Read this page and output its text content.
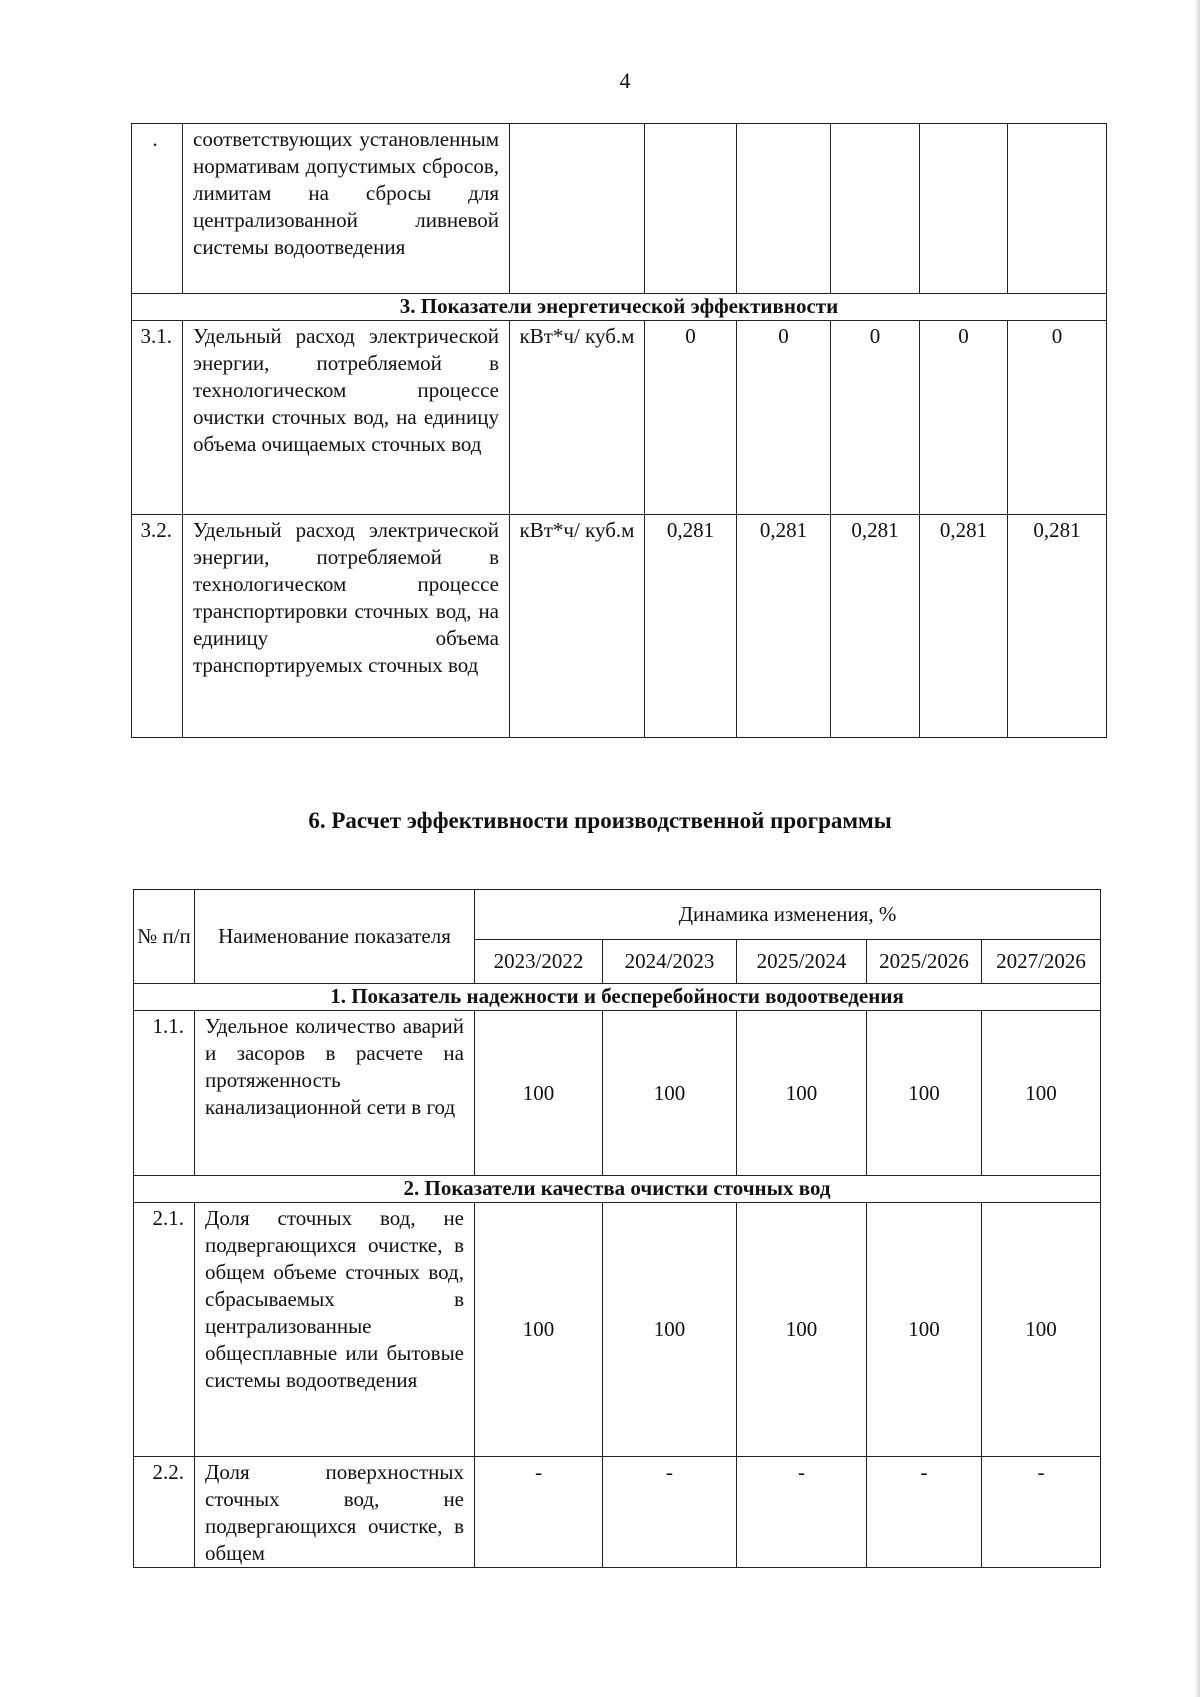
4
.	соответствующих установленным нормативам допустимых сбросов, лимитам на сбросы для централизованной ливневой системы водоотведения						
3. Показатели энергетической эффективности							
3.1.	Удельный расход электрической энергии, потребляемой в технологическом процессе очистки сточных вод, на единицу объема очищаемых сточных вод	кВт*ч/ куб.м	0	0	0	0	0
3.2.	Удельный расход электрической энергии, потребляемой в технологическом процессе транспортировки сточных вод, на единицу объема транспортируемых сточных вод	кВт*ч/ куб.м	0,281	0,281	0,281	0,281	0,281
6. Расчет эффективности производственной программы
№ п/п	Наименование показателя	Динамика изменения, %				
		2023/2022	2024/2023	2025/2024	2025/2026	2027/2026
1. Показатель надежности и бесперебойности водоотведения						
1.1.	Удельное количество аварий и засоров в расчете на протяженность канализационной сети в год	100	100	100	100	100
2. Показатели качества очистки сточных вод						
2.1.	Доля сточных вод, не подвергающихся очистке, в общем объеме сточных вод, сбрасываемых в централизованные общесплавные или бытовые системы водоотведения	100	100	100	100	100
2.2.	Доля поверхностных сточных вод, не подвергающихся очистке, в общем	-	-	-	-	-
